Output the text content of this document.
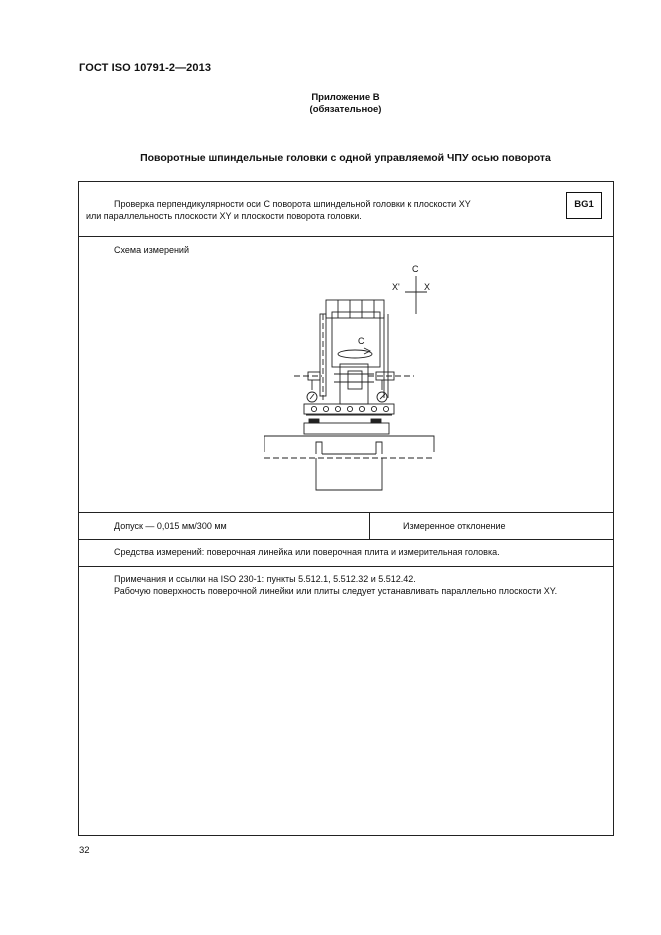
ГОСТ ISO 10791-2—2013
Приложение В
(обязательное)
Поворотные шпиндельные головки с одной управляемой ЧПУ осью поворота
Проверка перпендикулярности оси С поворота шпиндельной головки к плоскости XY
или параллельность плоскости XY и плоскости поворота головки.
BG1
Схема измерений
C
X'	X
C
Допуск — 0,015 мм/300 мм	Измеренное отклонение
Средства измерений: поверочная линейка или поверочная плита и измерительная головка.
Примечания и ссылки на ISO 230-1: пункты 5.512.1, 5.512.32 и 5.512.42.
Рабочую поверхность поверочной линейки или плиты следует устанавливать параллельно плоскости XY.
32
